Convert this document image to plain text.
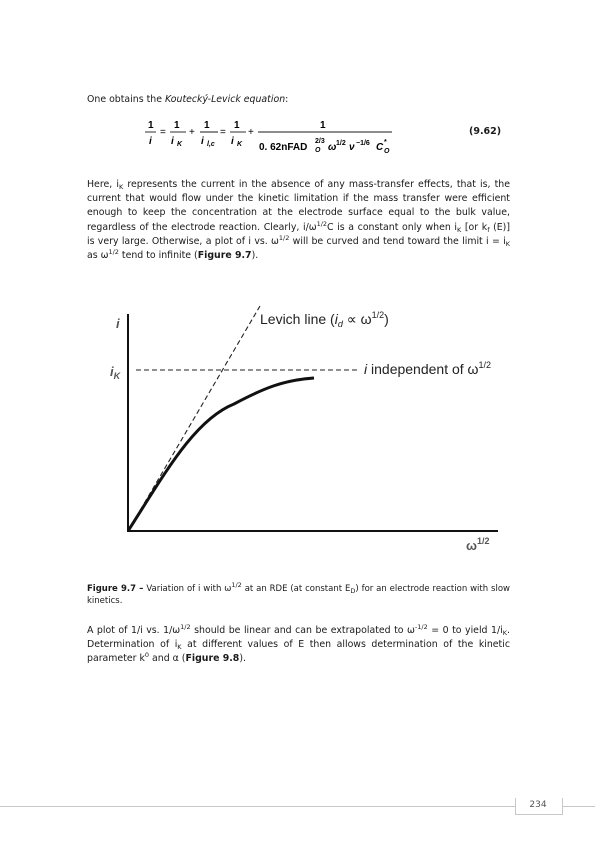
One obtains the Koutecký-Levick equation:

1
i
=
1
i K
+
1
i l,c
=
1
i K
+
1
0. 62nFAD
2/3
O ω 1/2 ν −1/6 C *
O
(9.62)

Here, $i_K$ represents the current in the absence of any mass-transfer effects, that is, the current that would flow under the kinetic limitation if the mass transfer were efficient enough to keep the concentration at the electrode surface equal to the bulk value, regardless of the electrode reaction. Clearly, $i/\omega^{1/2}C$ is a constant only when $i_K$ [or $k_f$ (E)] is very large. Otherwise, a plot of i vs. $\omega^{1/2}$ will be curved and tend toward the limit $i = i_K$ as $\omega^{1/2}$ tend to infinite (Figure 9.7).

i
$i_K$
Levich line $(i_d \propto \omega^{1/2})$
i independent of $\omega^{1/2}$
$\omega^{1/2}$

Figure 9.7 – Variation of i with $\omega^{1/2}$ at an RDE (at constant $E_D$) for an electrode reaction with slow kinetics.

A plot of 1/i vs. $1/\omega^{1/2}$ should be linear and can be extrapolated to $\omega^{-1/2} = 0$ to yield $1/i_K$. Determination of $i_K$ at different values of E then allows determination of the kinetic parameter $k^0$ and α (Figure 9.8).

234
